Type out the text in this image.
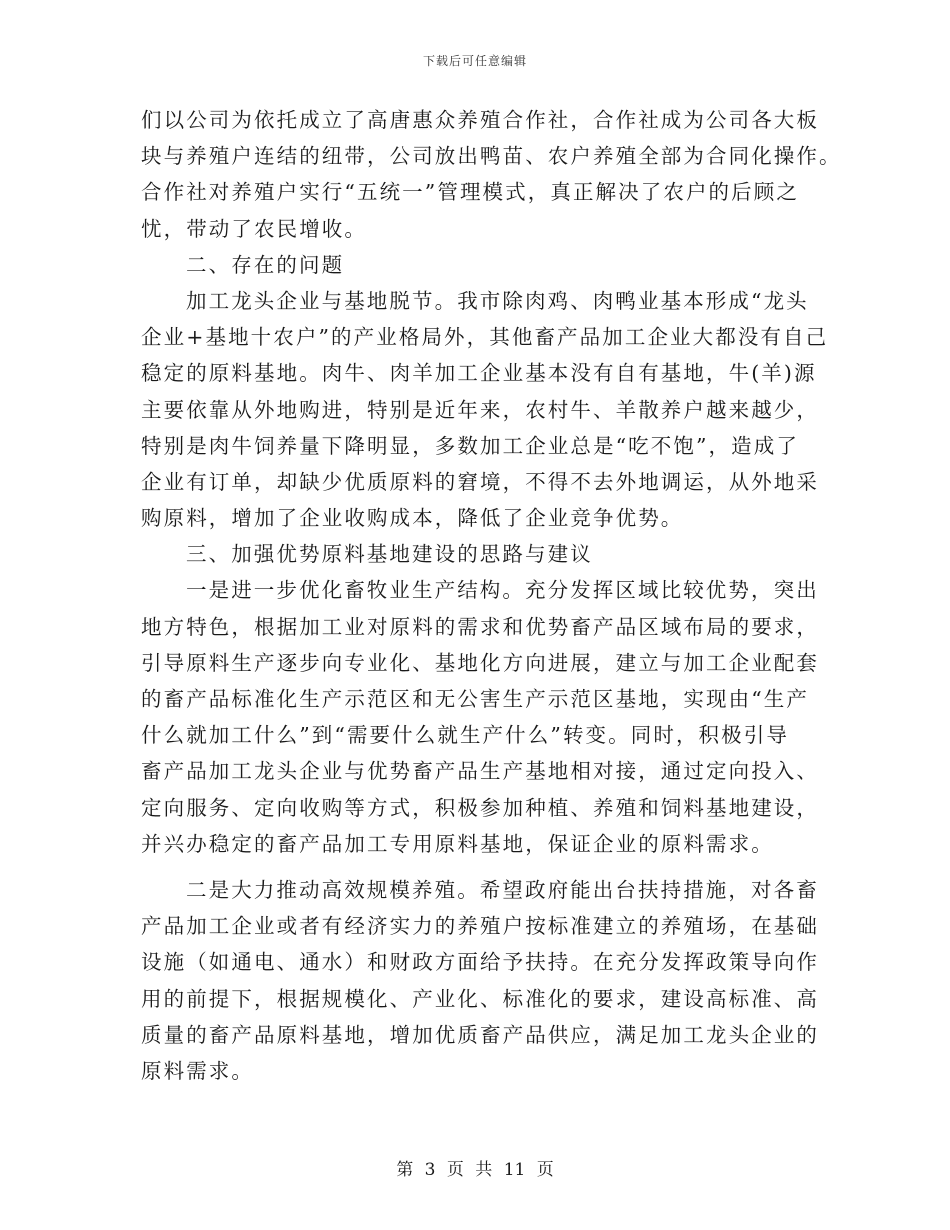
下载后可任意编辑
们以公司为依托成立了高唐惠众养殖合作社，合作社成为公司各大板
块与养殖户连结的纽带，公司放出鸭苗、农户养殖全部为合同化操作。
合作社对养殖户实行“五统一”管理模式，真正解决了农户的后顾之
忧，带动了农民增收。
二、存在的问题
加工龙头企业与基地脱节。我市除肉鸡、肉鸭业基本形成“龙头
企业+基地十农户”的产业格局外，其他畜产品加工企业大都没有自己
稳定的原料基地。肉牛、肉羊加工企业基本没有自有基地，牛(羊)源
主要依靠从外地购进，特别是近年来，农村牛、羊散养户越来越少，
特别是肉牛饲养量下降明显，多数加工企业总是“吃不饱”，造成了
企业有订单，却缺少优质原料的窘境，不得不去外地调运，从外地采
购原料，增加了企业收购成本，降低了企业竞争优势。
三、加强优势原料基地建设的思路与建议
一是进一步优化畜牧业生产结构。充分发挥区域比较优势，突出
地方特色，根据加工业对原料的需求和优势畜产品区域布局的要求，
引导原料生产逐步向专业化、基地化方向进展，建立与加工企业配套
的畜产品标准化生产示范区和无公害生产示范区基地，实现由“生产
什么就加工什么”到“需要什么就生产什么”转变。同时，积极引导
畜产品加工龙头企业与优势畜产品生产基地相对接，通过定向投入、
定向服务、定向收购等方式，积极参加种植、养殖和饲料基地建设，
并兴办稳定的畜产品加工专用原料基地，保证企业的原料需求。
二是大力推动高效规模养殖。希望政府能出台扶持措施，对各畜
产品加工企业或者有经济实力的养殖户按标准建立的养殖场，在基础
设施（如通电、通水）和财政方面给予扶持。在充分发挥政策导向作
用的前提下，根据规模化、产业化、标准化的要求，建设高标准、高
质量的畜产品原料基地，增加优质畜产品供应，满足加工龙头企业的
原料需求。
第 3 页 共 11 页
